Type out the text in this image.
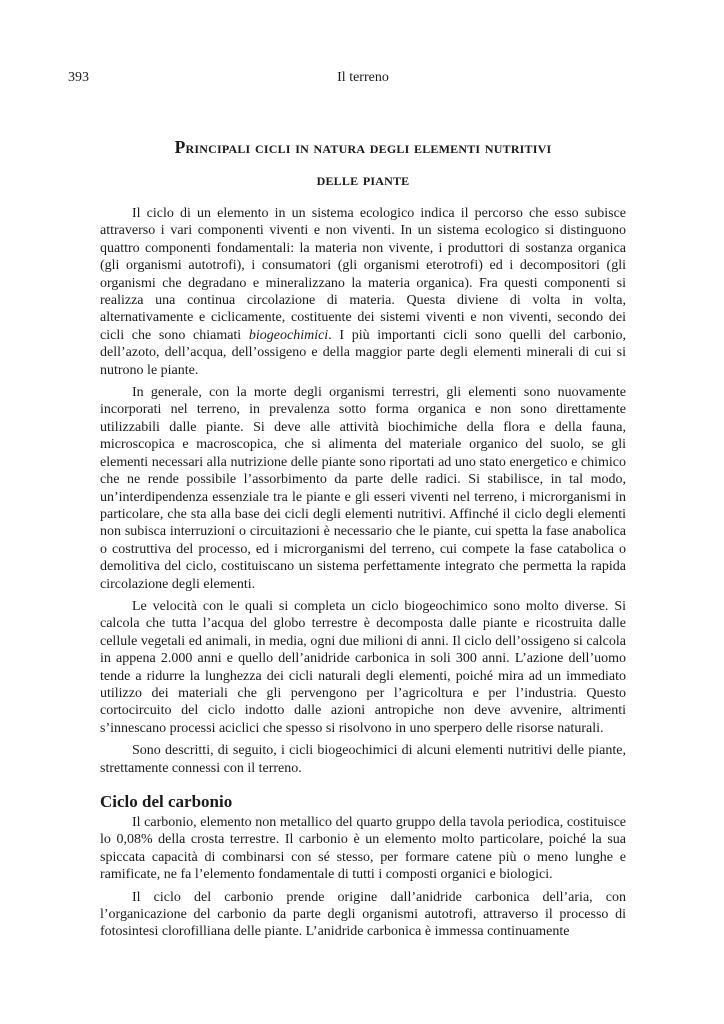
393	Il terreno
Principali cicli in natura degli elementi nutritivi
delle piante

Il ciclo di un elemento in un sistema ecologico indica il percorso che esso subisce attraverso i vari componenti viventi e non viventi. In un sistema ecologico si distinguono quattro componenti fondamentali: la materia non vivente, i produttori di sostanza organica (gli organismi autotrofi), i consumatori (gli organismi eterotrofi) ed i decompositori (gli organismi che degradano e mineralizzano la materia organica). Fra questi componenti si realizza una continua circolazione di materia. Questa diviene di volta in volta, alternativamente e ciclicamente, costituente dei sistemi viventi e non viventi, secondo dei cicli che sono chiamati biogeochimici. I più importanti cicli sono quelli del carbonio, dell’azoto, dell’acqua, dell’ossigeno e della maggior parte degli elementi minerali di cui si nutrono le piante.

In generale, con la morte degli organismi terrestri, gli elementi sono nuovamente incorporati nel terreno, in prevalenza sotto forma organica e non sono direttamente utilizzabili dalle piante. Si deve alle attività biochimiche della flora e della fauna, microscopica e macroscopica, che si alimenta del materiale organico del suolo, se gli elementi necessari alla nutrizione delle piante sono riportati ad uno stato energetico e chimico che ne rende possibile l’assorbimento da parte delle radici. Si stabilisce, in tal modo, un’interdipendenza essenziale tra le piante e gli esseri viventi nel terreno, i microrganismi in particolare, che sta alla base dei cicli degli elementi nutritivi. Affinché il ciclo degli elementi non subisca interruzioni o circuitazioni è necessario che le piante, cui spetta la fase anabolica o costruttiva del processo, ed i microrganismi del terreno, cui compete la fase catabolica o demolitiva del ciclo, costituiscano un sistema perfettamente integrato che permetta la rapida circolazione degli elementi.

Le velocità con le quali si completa un ciclo biogeochimico sono molto diverse. Si calcola che tutta l’acqua del globo terrestre è decomposta dalle piante e ricostruita dalle cellule vegetali ed animali, in media, ogni due milioni di anni. Il ciclo dell’ossigeno si calcola in appena 2.000 anni e quello dell’anidride carbonica in soli 300 anni. L’azione dell’uomo tende a ridurre la lunghezza dei cicli naturali degli elementi, poiché mira ad un immediato utilizzo dei materiali che gli pervengono per l’agricoltura e per l’industria. Questo cortocircuito del ciclo indotto dalle azioni antropiche non deve avvenire, altrimenti s’innescano processi aciclici che spesso si risolvono in uno sperpero delle risorse naturali.

Sono descritti, di seguito, i cicli biogeochimici di alcuni elementi nutritivi delle piante, strettamente connessi con il terreno.

Ciclo del carbonio

Il carbonio, elemento non metallico del quarto gruppo della tavola periodica, costituisce lo 0,08% della crosta terrestre. Il carbonio è un elemento molto particolare, poiché la sua spiccata capacità di combinarsi con sé stesso, per formare catene più o meno lunghe e ramificate, ne fa l’elemento fondamentale di tutti i composti organici e biologici.

Il ciclo del carbonio prende origine dall’anidride carbonica dell’aria, con l’organicazione del carbonio da parte degli organismi autotrofi, attraverso il processo di fotosintesi clorofilliana delle piante. L’anidride carbonica è immessa continuamente
